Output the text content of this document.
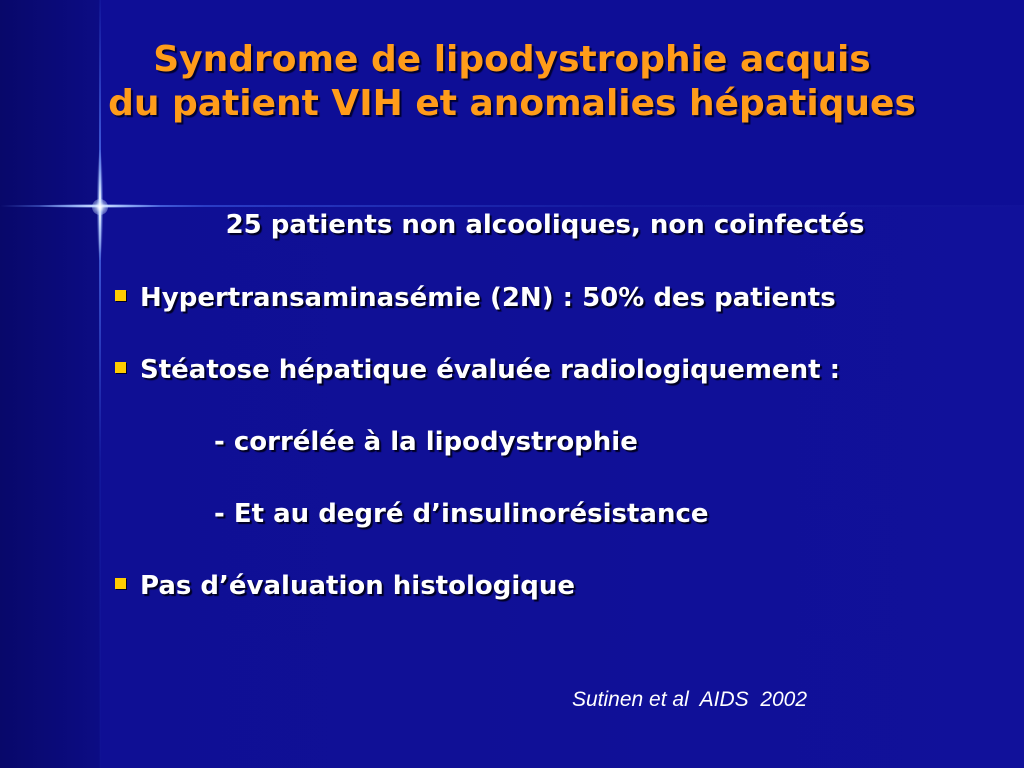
Syndrome de lipodystrophie acquis
du patient VIH et anomalies hépatiques
25 patients non alcooliques, non coinfectés
Hypertransaminasémie (2N) : 50% des patients
Stéatose hépatique évaluée radiologiquement :
- corrélée à la lipodystrophie
- Et au degré d’insulinorésistance
Pas d’évaluation histologique
Sutinen et al  AIDS  2002
